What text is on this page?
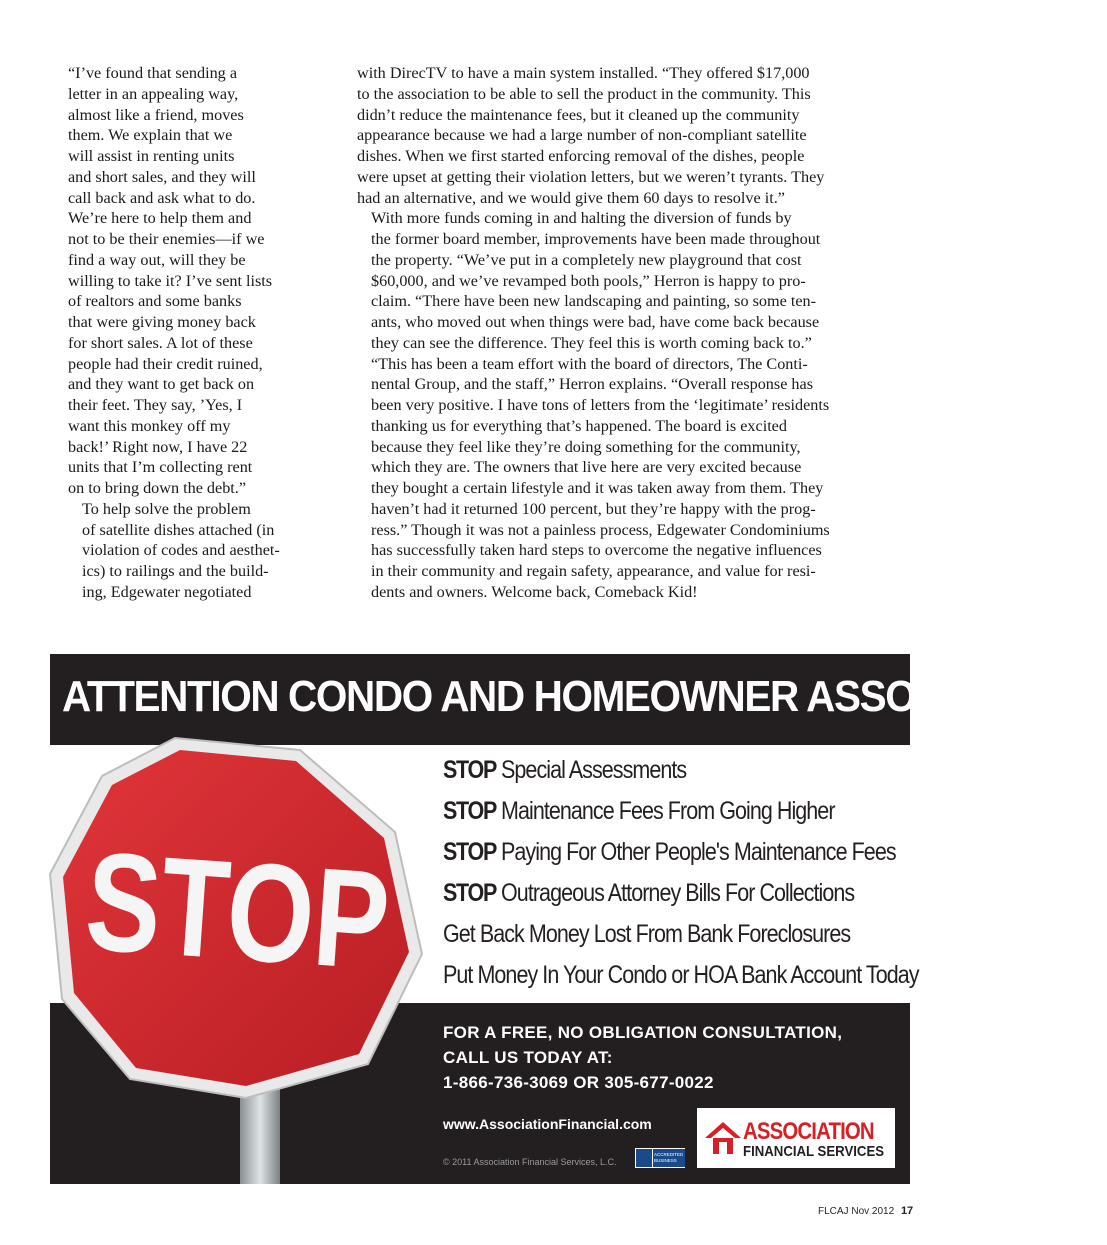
“I’ve found that sending a
letter in an appealing way,
almost like a friend, moves
them. We explain that we
will assist in renting units
and short sales, and they will
call back and ask what to do.
We’re here to help them and
not to be their enemies—if we
find a way out, will they be
willing to take it? I’ve sent lists
of realtors and some banks
that were giving money back
for short sales. A lot of these
people had their credit ruined,
and they want to get back on
their feet. They say, ’Yes, I
want this monkey off my
back!’ Right now, I have 22
units that I’m collecting rent
on to bring down the debt.”

To help solve the problem
of satellite dishes attached (in
violation of codes and aesthet-
ics) to railings and the build-
ing, Edgewater negotiated

with DirecTV to have a main system installed. “They offered $17,000
to the association to be able to sell the product in the community. This
didn’t reduce the maintenance fees, but it cleaned up the community
appearance because we had a large number of non-compliant satellite
dishes. When we first started enforcing removal of the dishes, people
were upset at getting their violation letters, but we weren’t tyrants. They
had an alternative, and we would give them 60 days to resolve it.”

With more funds coming in and halting the diversion of funds by
the former board member, improvements have been made throughout
the property. “We’ve put in a completely new playground that cost
$60,000, and we’ve revamped both pools,” Herron is happy to pro-
claim. “There have been new landscaping and painting, so some ten-
ants, who moved out when things were bad, have come back because
they can see the difference. They feel this is worth coming back to.”

“This has been a team effort with the board of directors, The Conti-
nental Group, and the staff,” Herron explains. “Overall response has
been very positive. I have tons of letters from the ‘legitimate’ residents
thanking us for everything that’s happened. The board is excited
because they feel like they’re doing something for the community,
which they are. The owners that live here are very excited because
they bought a certain lifestyle and it was taken away from them. They
haven’t had it returned 100 percent, but they’re happy with the prog-
ress.” Though it was not a painless process, Edgewater Condominiums
has successfully taken hard steps to overcome the negative influences
in their community and regain safety, appearance, and value for resi-
dents and owners. Welcome back, Comeback Kid!

ATTENTION CONDO AND HOMEOWNER ASSOCIATIONS!
STOP
STOP Special Assessments
STOP Maintenance Fees From Going Higher
STOP Paying For Other People's Maintenance Fees
STOP Outrageous Attorney Bills For Collections
Get Back Money Lost From Bank Foreclosures
Put Money In Your Condo or HOA Bank Account Today
FOR A FREE, NO OBLIGATION CONSULTATION,
CALL US TODAY AT:
1-866-736-3069 OR 305-677-0022
www.AssociationFinancial.com
© 2011 Association Financial Services, L.C.
ACCREDITED
BUSINESS
ASSOCIATION
FINANCIAL SERVICES
FLCAJ Nov 2012 17
